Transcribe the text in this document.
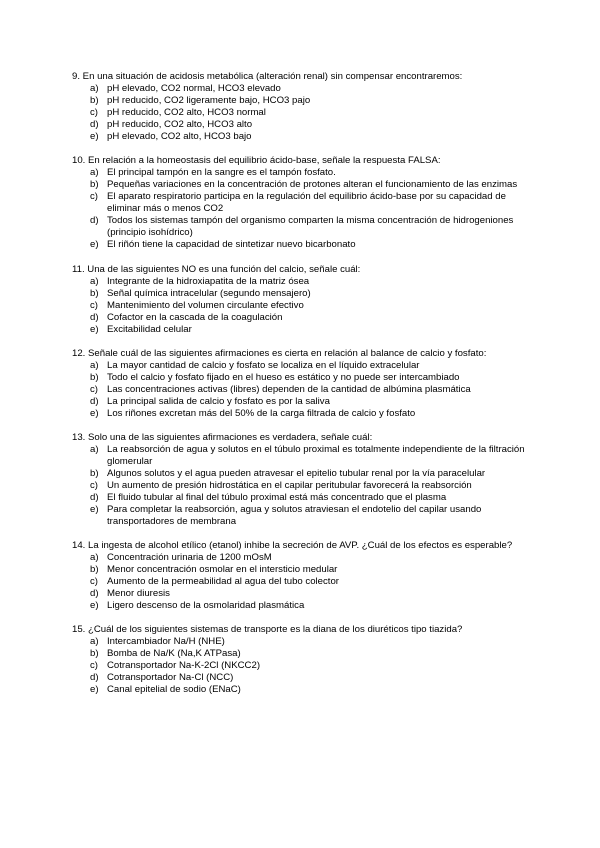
9. En una situación de acidosis metabólica (alteración renal) sin compensar encontraremos:

a) pH elevado, CO2 normal, HCO3 elevado
b) pH reducido, CO2 ligeramente bajo, HCO3 pajo
c) pH reducido, CO2 alto, HCO3 normal
d) pH reducido, CO2 alto, HCO3 alto
e) pH elevado, CO2 alto, HCO3 bajo

10. En relación a la homeostasis del equilibrio ácido-base, señale la respuesta FALSA:

a) El principal tampón en la sangre es el tampón fosfato.
b) Pequeñas variaciones en la concentración de protones alteran el funcionamiento de las enzimas
c) El aparato respiratorio participa en la regulación del equilibrio ácido-base por su capacidad de eliminar más o menos CO2
d) Todos los sistemas tampón del organismo comparten la misma concentración de hidrogeniones (principio isohídrico)
e) El riñón tiene la capacidad de sintetizar nuevo bicarbonato

11. Una de las siguientes NO es una función del calcio, señale cuál:

a) Integrante de la hidroxiapatita de la matriz ósea
b) Señal química intracelular (segundo mensajero)
c) Mantenimiento del volumen circulante efectivo
d) Cofactor en la cascada de la coagulación
e) Excitabilidad celular

12. Señale cuál de las siguientes afirmaciones es cierta en relación al balance de calcio y fosfato:

a) La mayor cantidad de calcio y fosfato se localiza en el líquido extracelular
b) Todo el calcio y fosfato fijado en el hueso es estático y no puede ser intercambiado
c) Las concentraciones activas (libres) dependen de la cantidad de albúmina plasmática
d) La principal salida de calcio y fosfato es por la saliva
e) Los riñones excretan más del 50% de la carga filtrada de calcio y fosfato

13. Solo una de las siguientes afirmaciones es verdadera, señale cuál:

a) La reabsorción de agua y solutos en el túbulo proximal es totalmente independiente de la filtración glomerular
b) Algunos solutos y el agua pueden atravesar el epitelio tubular renal por la vía paracelular
c) Un aumento de presión hidrostática en el capilar peritubular favorecerá la reabsorción
d) El fluido tubular al final del túbulo proximal está más concentrado que el plasma
e) Para completar la reabsorción, agua y solutos atraviesan el endotelio del capilar usando transportadores de membrana

14. La ingesta de alcohol etílico (etanol) inhibe la secreción de AVP. ¿Cuál de los efectos es esperable?

a) Concentración urinaria de 1200 mOsM
b) Menor concentración osmolar en el intersticio medular
c) Aumento de la permeabilidad al agua del tubo colector
d) Menor diuresis
e) Ligero descenso de la osmolaridad plasmática

15. ¿Cuál de los siguientes sistemas de transporte es la diana de los diuréticos tipo tiazida?

a) Intercambiador Na/H (NHE)
b) Bomba de Na/K (Na,K ATPasa)
c) Cotransportador Na-K-2Cl (NKCC2)
d) Cotransportador Na-Cl (NCC)
e) Canal epitelial de sodio (ENaC)
